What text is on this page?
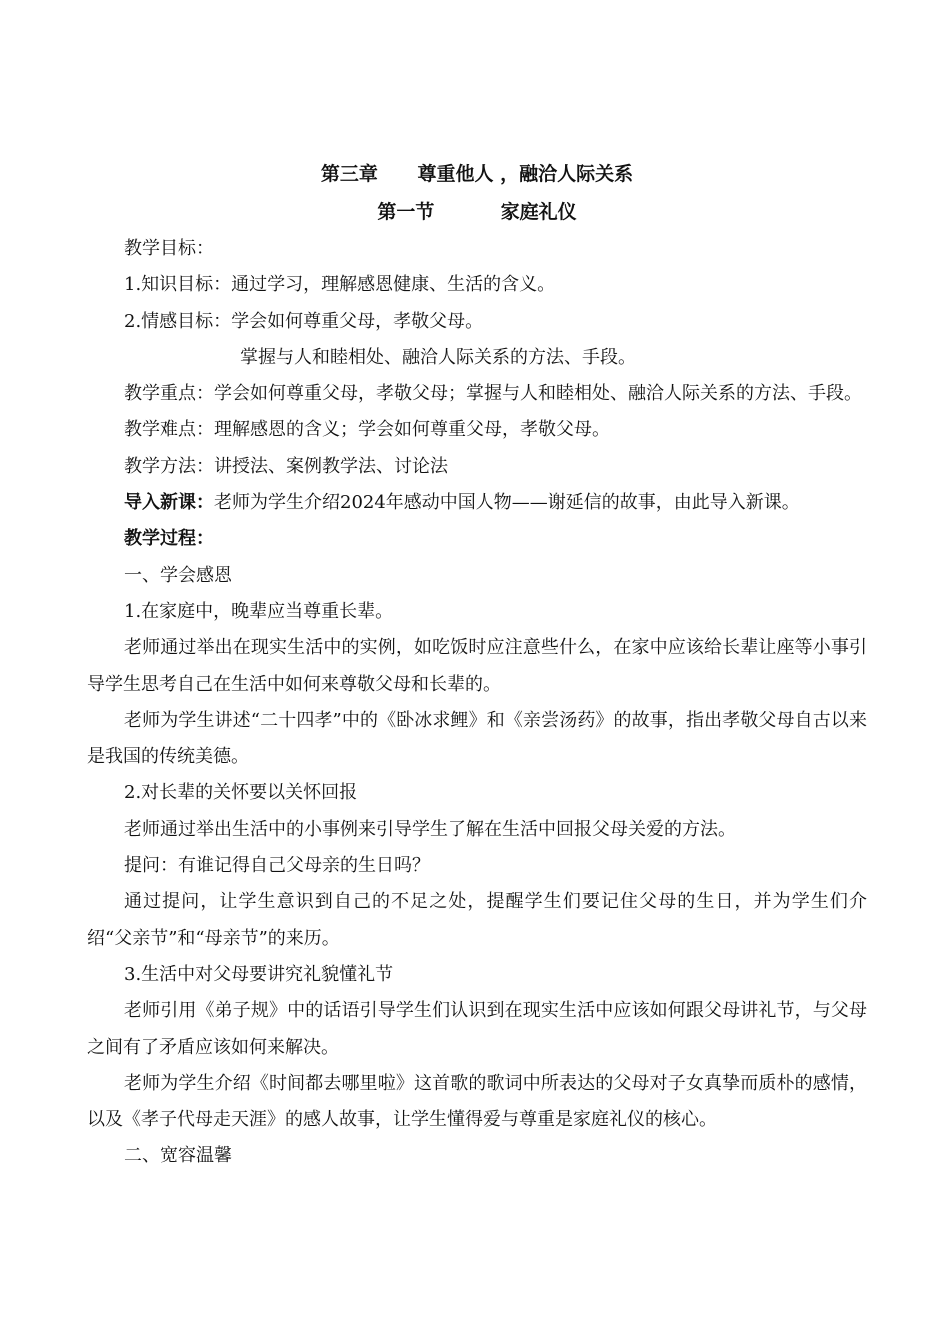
第三章      尊重他人 ，融洽人际关系
第一节          家庭礼仪

教学目标：

1.知识目标：通过学习，理解感恩健康、生活的含义。

2.情感目标：学会如何尊重父母，孝敬父母。

掌握与人和睦相处、融洽人际关系的方法、手段。

教学重点：学会如何尊重父母，孝敬父母；掌握与人和睦相处、融洽人际关系的方法、手段。

教学难点：理解感恩的含义；学会如何尊重父母，孝敬父母。

教学方法：讲授法、案例教学法、讨论法

导入新课：老师为学生介绍2024年感动中国人物——谢延信的故事，由此导入新课。

教学过程：

一、学会感恩

1.在家庭中，晚辈应当尊重长辈。

老师通过举出在现实生活中的实例，如吃饭时应注意些什么，在家中应该给长辈让座等小事引导学生思考自己在生活中如何来尊敬父母和长辈的。

老师为学生讲述“二十四孝”中的《卧冰求鲤》和《亲尝汤药》的故事，指出孝敬父母自古以来是我国的传统美德。

2.对长辈的关怀要以关怀回报

老师通过举出生活中的小事例来引导学生了解在生活中回报父母关爱的方法。

提问：有谁记得自己父母亲的生日吗？

通过提问，让学生意识到自己的不足之处，提醒学生们要记住父母的生日，并为学生们介绍“父亲节”和“母亲节”的来历。

3.生活中对父母要讲究礼貌懂礼节

老师引用《弟子规》中的话语引导学生们认识到在现实生活中应该如何跟父母讲礼节，与父母之间有了矛盾应该如何来解决。

老师为学生介绍《时间都去哪里啦》这首歌的歌词中所表达的父母对子女真挚而质朴的感情，以及《孝子代母走天涯》的感人故事，让学生懂得爱与尊重是家庭礼仪的核心。

二、宽容温馨
